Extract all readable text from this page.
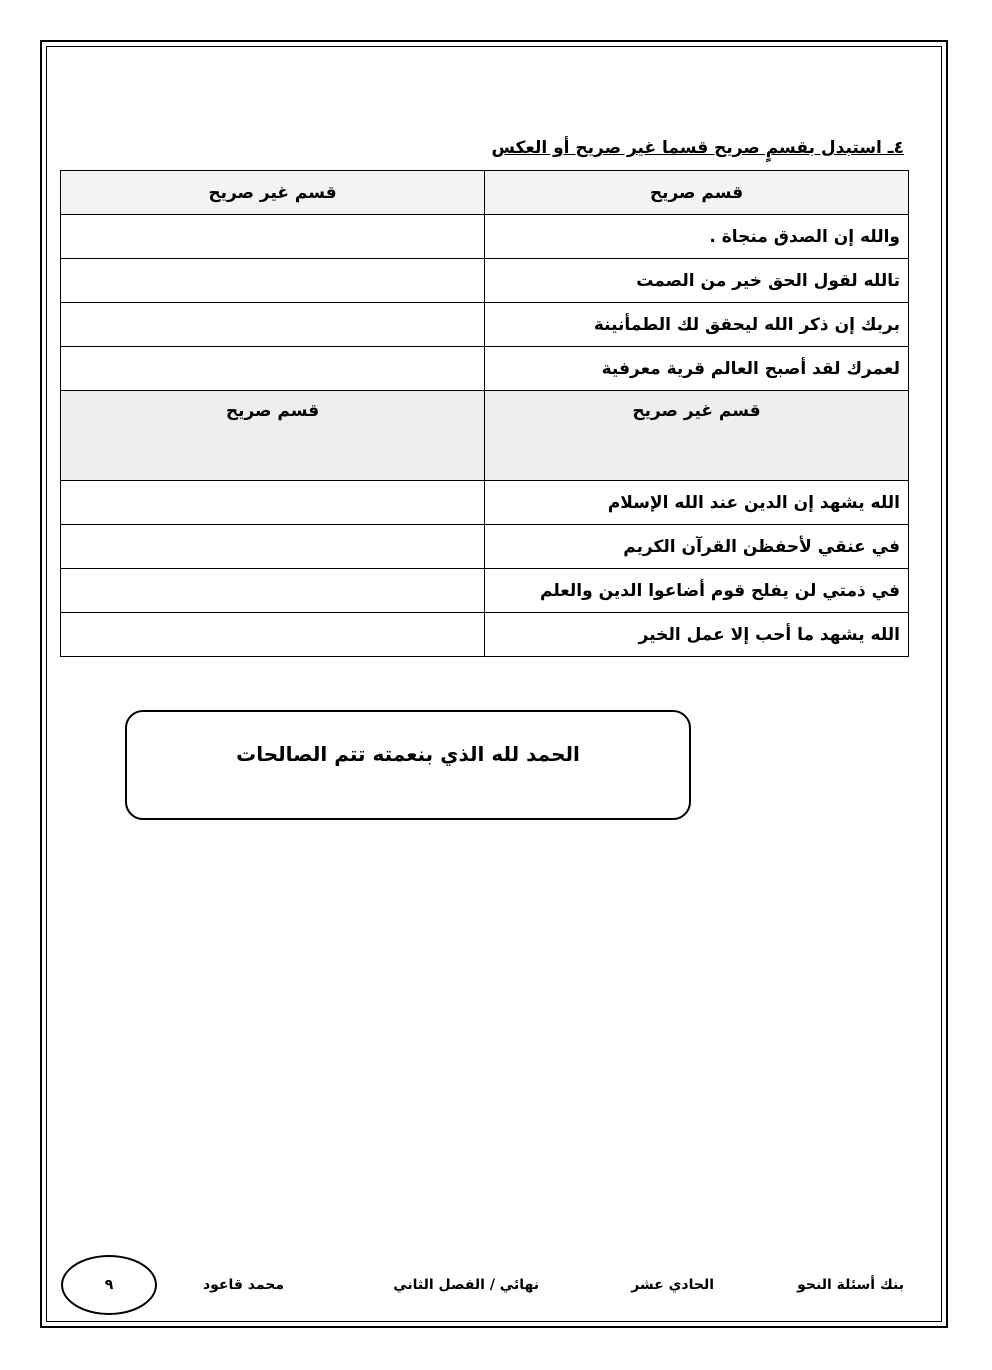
٤ـ استبدل بقسمٍ صريح قسما غير صريح أو العكس
قسم صريح	قسم غير صريح
والله إن الصدق منجاة .	
تالله لقول الحق خير من الصمت	
بربك إن ذكر الله ليحقق لك الطمأنينة	
لعمرك لقد أصبح العالم قرية معرفية	
قسم غير صريح	قسم صريح
الله يشهد إن الدين عند الله الإسلام	
في عنقي لأحفظن القرآن الكريم	
في ذمتي لن يفلح قوم أضاعوا الدين والعلم	
الله يشهد ما أحب إلا عمل الخير	
الحمد لله الذي بنعمته تتم الصالحات
بنك أسئلة النحو
الحادي عشر
نهائي / الفصل الثاني
محمد قاعود
٩
